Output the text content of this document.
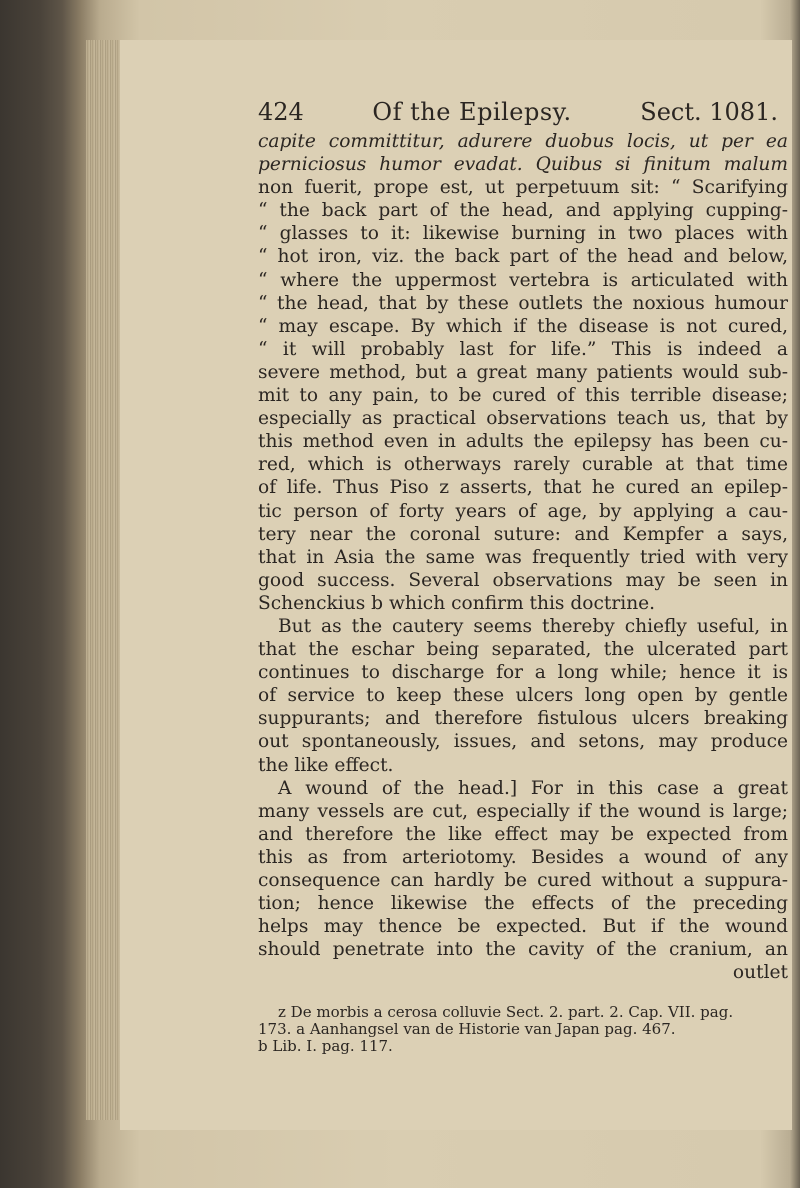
424	Of the Epilepsy.	Sect. 1081.
capite committitur, adurere duobus locis, ut per ea
perniciosus humor evadat. Quibus si finitum malum
non fuerit, prope est, ut perpetuum sit: “ Scarifying
“ the back part of the head, and applying cupping-
“ glasses to it: likewise burning in two places with
“ hot iron, viz. the back part of the head and below,
“ where the uppermost vertebra is articulated with
“ the head, that by these outlets the noxious humour
“ may escape. By which if the disease is not cured,
“ it will probably last for life.” This is indeed a
severe method, but a great many patients would sub-
mit to any pain, to be cured of this terrible disease;
especially as practical observations teach us, that by
this method even in adults the epilepsy has been cu-
red, which is otherways rarely curable at that time
of life. Thus Piso z asserts, that he cured an epilep-
tic person of forty years of age, by applying a cau-
tery near the coronal suture: and Kempfer a says,
that in Asia the same was frequently tried with very
good success. Several observations may be seen in
Schenckius b which confirm this doctrine.
But as the cautery seems thereby chiefly useful, in
that the eschar being separated, the ulcerated part
continues to discharge for a long while; hence it is
of service to keep these ulcers long open by gentle
suppurants; and therefore fistulous ulcers breaking
out spontaneously, issues, and setons, may produce
the like effect.
A wound of the head.] For in this case a great
many vessels are cut, especially if the wound is large;
and therefore the like effect may be expected from
this as from arteriotomy. Besides a wound of any
consequence can hardly be cured without a suppura-
tion; hence likewise the effects of the preceding
helps may thence be expected. But if the wound
should penetrate into the cavity of the cranium, an
outlet
z De morbis a cerosa colluvie Sect. 2. part. 2. Cap. VII. pag.
173. a Aanhangsel van de Historie van Japan pag. 467.
b Lib. I. pag. 117.
